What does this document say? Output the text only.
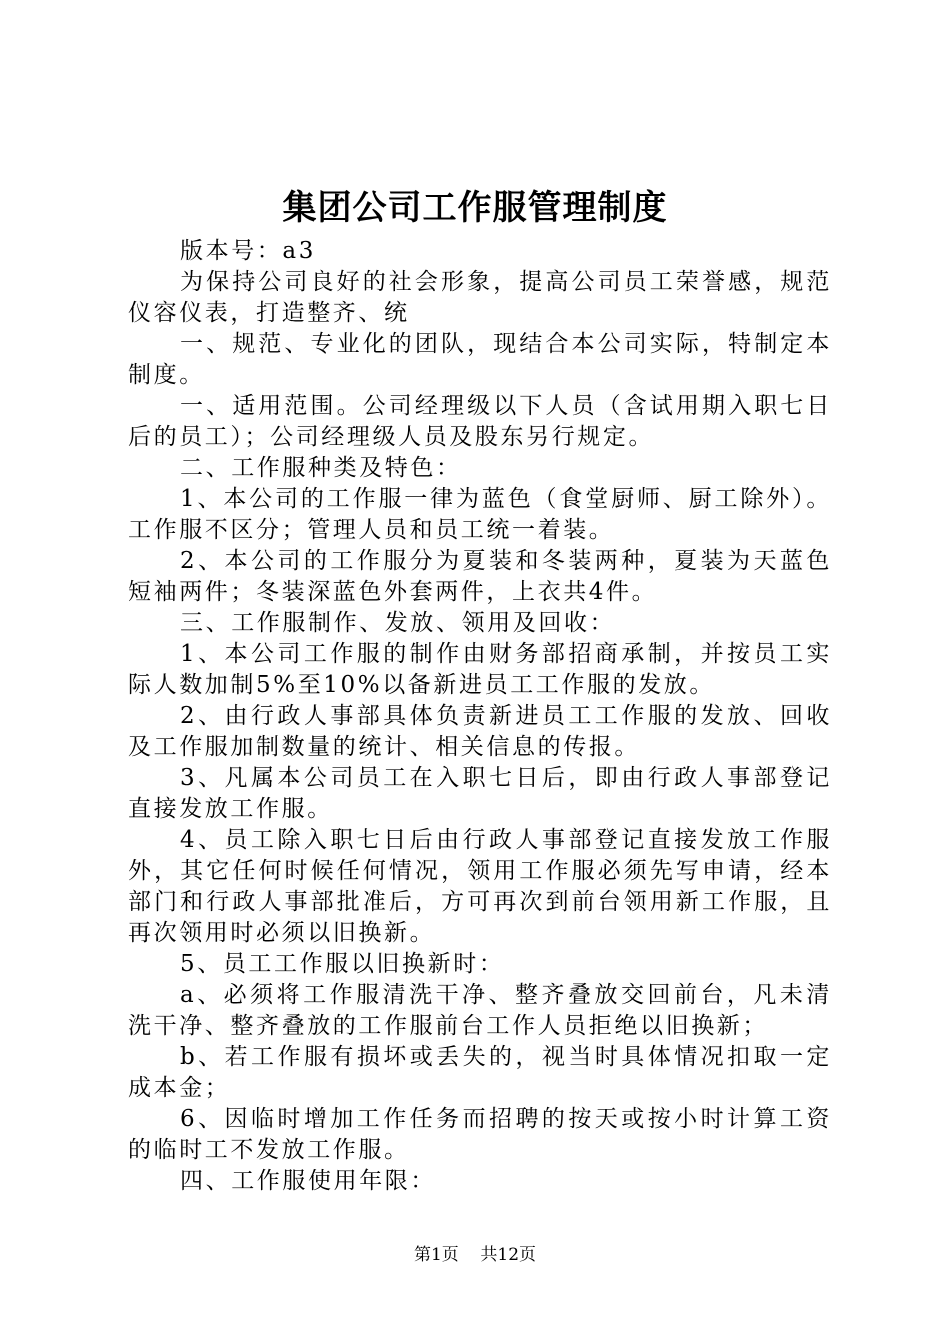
集团公司工作服管理制度

版本号：a3

为保持公司良好的社会形象，提高公司员工荣誉感，规范仪容仪表，打造整齐、统

一、规范、专业化的团队，现结合本公司实际，特制定本制度。

一、适用范围。公司经理级以下人员（含试用期入职七日后的员工）；公司经理级人员及股东另行规定。

二、工作服种类及特色：

1、本公司的工作服一律为蓝色（食堂厨师、厨工除外）。工作服不区分；管理人员和员工统一着装。

2、本公司的工作服分为夏装和冬装两种，夏装为天蓝色短袖两件；冬装深蓝色外套两件，上衣共4件。

三、工作服制作、发放、领用及回收：

1、本公司工作服的制作由财务部招商承制，并按员工实际人数加制5%至10%以备新进员工工作服的发放。

2、由行政人事部具体负责新进员工工作服的发放、回收及工作服加制数量的统计、相关信息的传报。

3、凡属本公司员工在入职七日后，即由行政人事部登记直接发放工作服。

4、员工除入职七日后由行政人事部登记直接发放工作服外，其它任何时候任何情况，领用工作服必须先写申请，经本部门和行政人事部批准后，方可再次到前台领用新工作服，且再次领用时必须以旧换新。

5、员工工作服以旧换新时：

a、必须将工作服清洗干净、整齐叠放交回前台，凡未清洗干净、整齐叠放的工作服前台工作人员拒绝以旧换新；

b、若工作服有损坏或丢失的，视当时具体情况扣取一定成本金；

6、因临时增加工作任务而招聘的按天或按小时计算工资的临时工不发放工作服。

四、工作服使用年限：

第1页 共12页
